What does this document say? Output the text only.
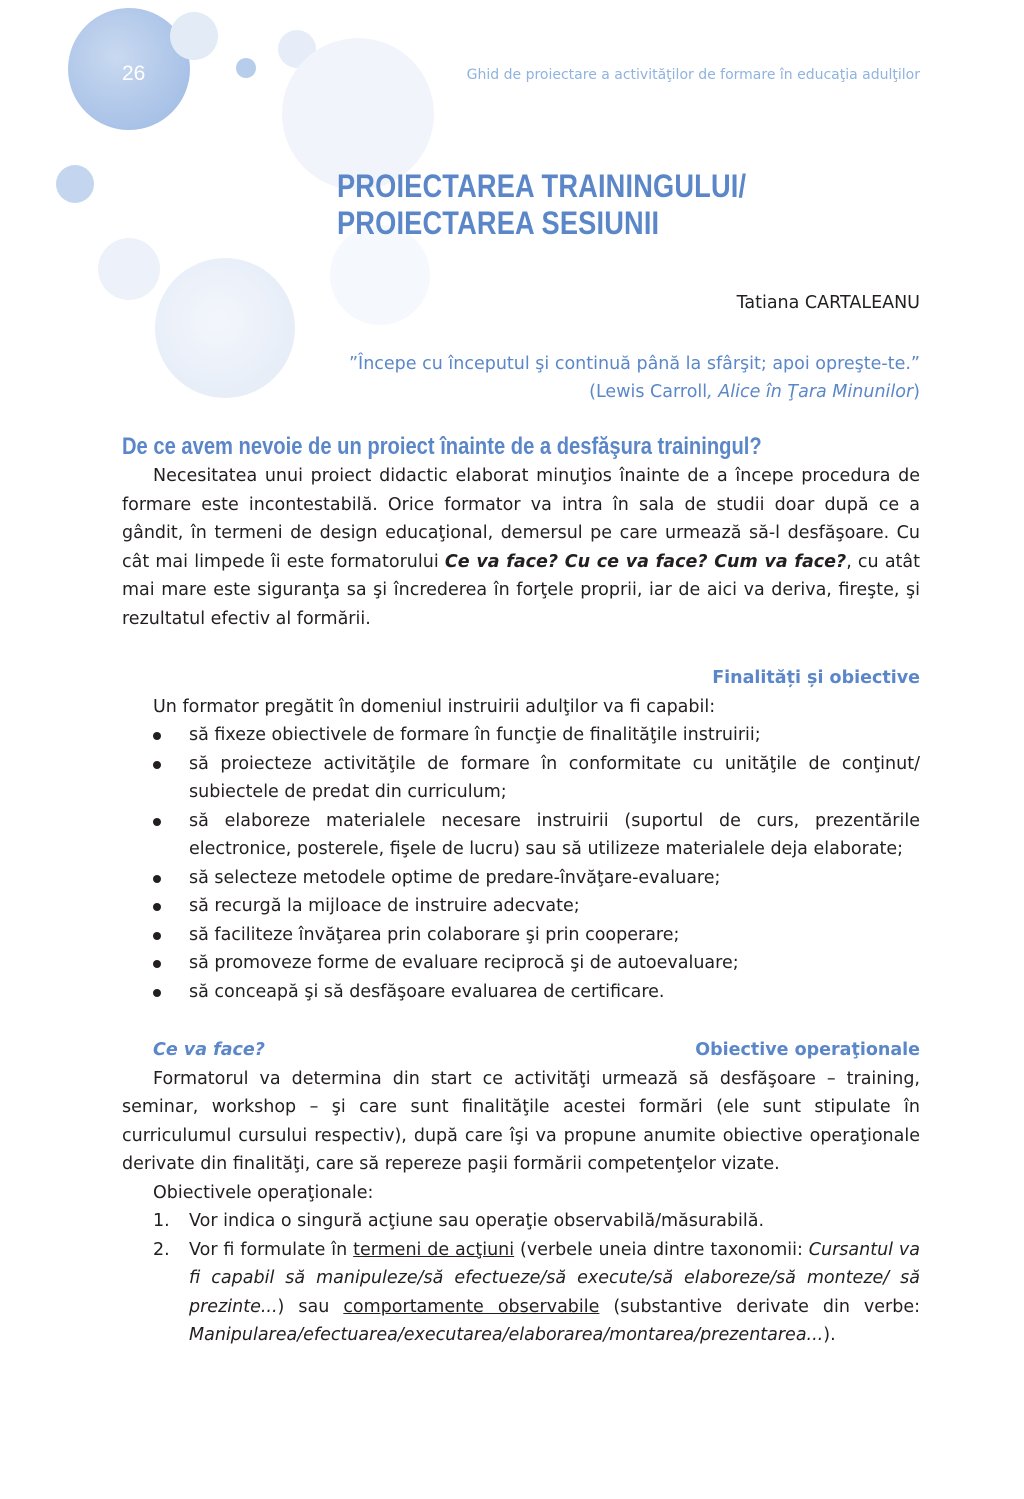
26	Ghid de proiectare a activităţilor de formare în educaţia adulţilor
PROIECTAREA TRAININGULUI/
PROIECTAREA SESIUNII
Tatiana CARTALEANU
”Începe cu începutul şi continuă până la sfârşit; apoi opreşte-te.”
(Lewis Carroll, Alice în Ţara Minunilor)
De ce avem nevoie de un proiect înainte de a desfăşura trainingul?

Necesitatea unui proiect didactic elaborat minuţios înainte de a începe procedura de formare este incontestabilă. Orice formator va intra în sala de studii doar după ce a gândit, în termeni de design educaţional, demersul pe care urmează să-l desfăşoare. Cu cât mai limpede îi este formatorului Ce va face? Cu ce va face? Cum va face?, cu atât mai mare este siguranţa sa şi încrederea în forţele proprii, iar de aici va deriva, fireşte, şi rezultatul efectiv al formării.

Finalități și obiective

Un formator pregătit în domeniul instruirii adulţilor va fi capabil:

să fixeze obiectivele de formare în funcţie de finalităţile instruirii;
să proiecteze activităţile de formare în conformitate cu unităţile de conţinut/ subiectele de predat din curriculum;
să elaboreze materialele necesare instruirii (suportul de curs, prezentările electronice, posterele, fişele de lucru) sau să utilizeze materialele deja elaborate;
să selecteze metodele optime de predare-învăţare-evaluare;
să recurgă la mijloace de instruire adecvate;
să faciliteze învăţarea prin colaborare şi prin cooperare;
să promoveze forme de evaluare reciprocă şi de autoevaluare;
să conceapă şi să desfăşoare evaluarea de certificare.
Ce va face?	Obiective operaţionale

Formatorul va determina din start ce activităţi urmează să desfăşoare – training, seminar, workshop – şi care sunt finalităţile acestei formări (ele sunt stipulate în curriculumul cursului respectiv), după care îşi va propune anumite obiective operaţionale derivate din finalităţi, care să repereze paşii formării competenţelor vizate.

Obiectivele operaţionale:

1. Vor indica o singură acţiune sau operaţie observabilă/măsurabilă.
2. Vor fi formulate în termeni de acţiuni (verbele uneia dintre taxonomii: Cursantul va fi capabil să manipuleze/să efectueze/să execute/să elaboreze/să monteze/ să prezinte...) sau comportamente observabile (substantive derivate din verbe: Manipularea/efectuarea/executarea/elaborarea/montarea/prezentarea...).
